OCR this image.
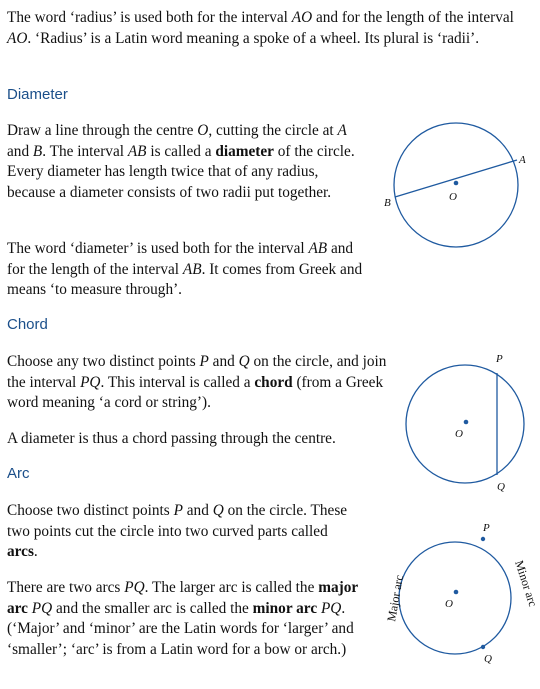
The word ‘radius’ is used both for the interval AO and for the length of the interval AO. ‘Radius’ is a Latin word meaning a spoke of a wheel. Its plural is ‘radii’.

Diameter

Draw a line through the centre O, cutting the circle at A and B. The interval AB is called a diameter of the circle. Every diameter has length twice that of any radius, because a diameter consists of two radii put together.

The word ‘diameter’ is used both for the interval AB and for the length of the interval AB. It comes from Greek and means ‘to measure through’.

Chord

Choose any two distinct points P and Q on the circle, and join the interval PQ. This interval is called a chord (from a Greek word meaning ‘a cord or string’).

A diameter is thus a chord passing through the centre.

Arc

Choose two distinct points P and Q on the circle. These two points cut the circle into two curved parts called arcs.

There are two arcs PQ. The larger arc is called the major arc PQ and the smaller arc is called the minor arc PQ. (‘Major’ and ‘minor’ are the Latin words for ‘larger’ and ‘smaller’; ‘arc’ is from a Latin word for a bow or arch.)

A
B	O
P
Q
O
P
Q
O
Major arc	Minor arc
